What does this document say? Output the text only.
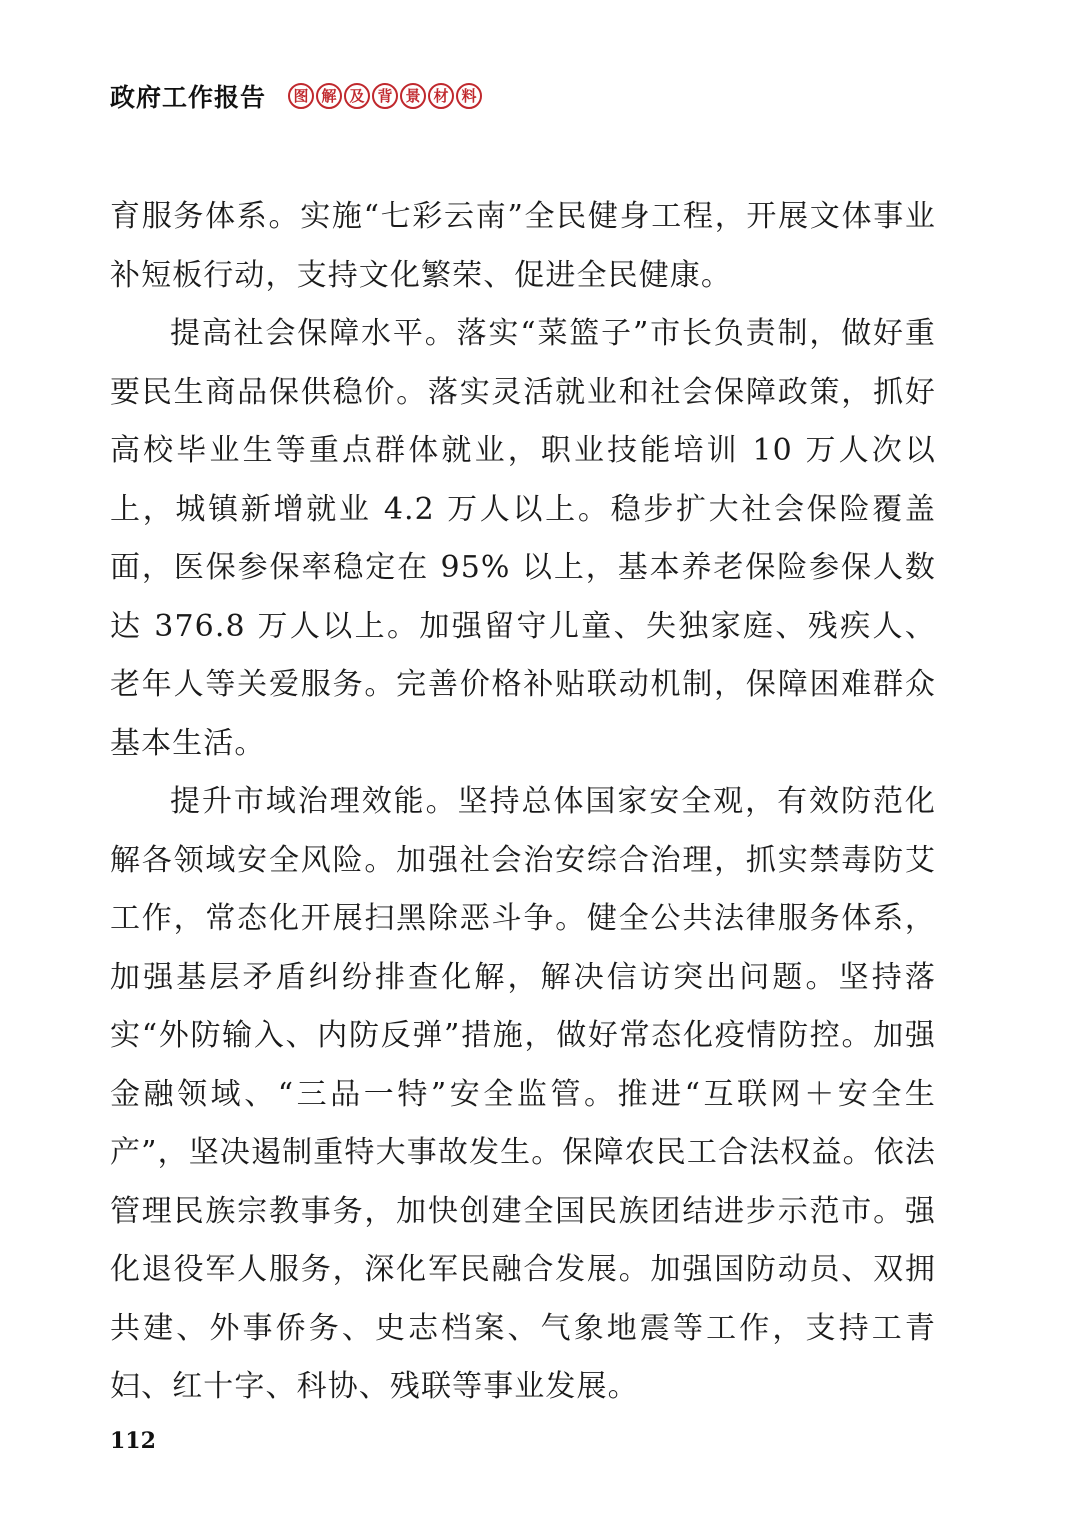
政府工作报告	图 解 及 背 景 材 料

育服务体系。实施“七彩云南”全民健身工程，开展文体事业补短板行动，支持文化繁荣、促进全民健康。

提高社会保障水平。落实“菜篮子”市长负责制，做好重要民生商品保供稳价。落实灵活就业和社会保障政策，抓好高校毕业生等重点群体就业，职业技能培训 10 万人次以上，城镇新增就业 4.2 万人以上。稳步扩大社会保险覆盖面，医保参保率稳定在 95% 以上，基本养老保险参保人数达 376.8 万人以上。加强留守儿童、失独家庭、残疾人、老年人等关爱服务。完善价格补贴联动机制，保障困难群众基本生活。

提升市域治理效能。坚持总体国家安全观，有效防范化解各领域安全风险。加强社会治安综合治理，抓实禁毒防艾工作，常态化开展扫黑除恶斗争。健全公共法律服务体系，加强基层矛盾纠纷排查化解，解决信访突出问题。坚持落实“外防输入、内防反弹”措施，做好常态化疫情防控。加强金融领域、“三品一特”安全监管。推进“互联网＋安全生产”，坚决遏制重特大事故发生。保障农民工合法权益。依法管理民族宗教事务，加快创建全国民族团结进步示范市。强化退役军人服务，深化军民融合发展。加强国防动员、双拥共建、外事侨务、史志档案、气象地震等工作，支持工青妇、红十字、科协、残联等事业发展。

112
